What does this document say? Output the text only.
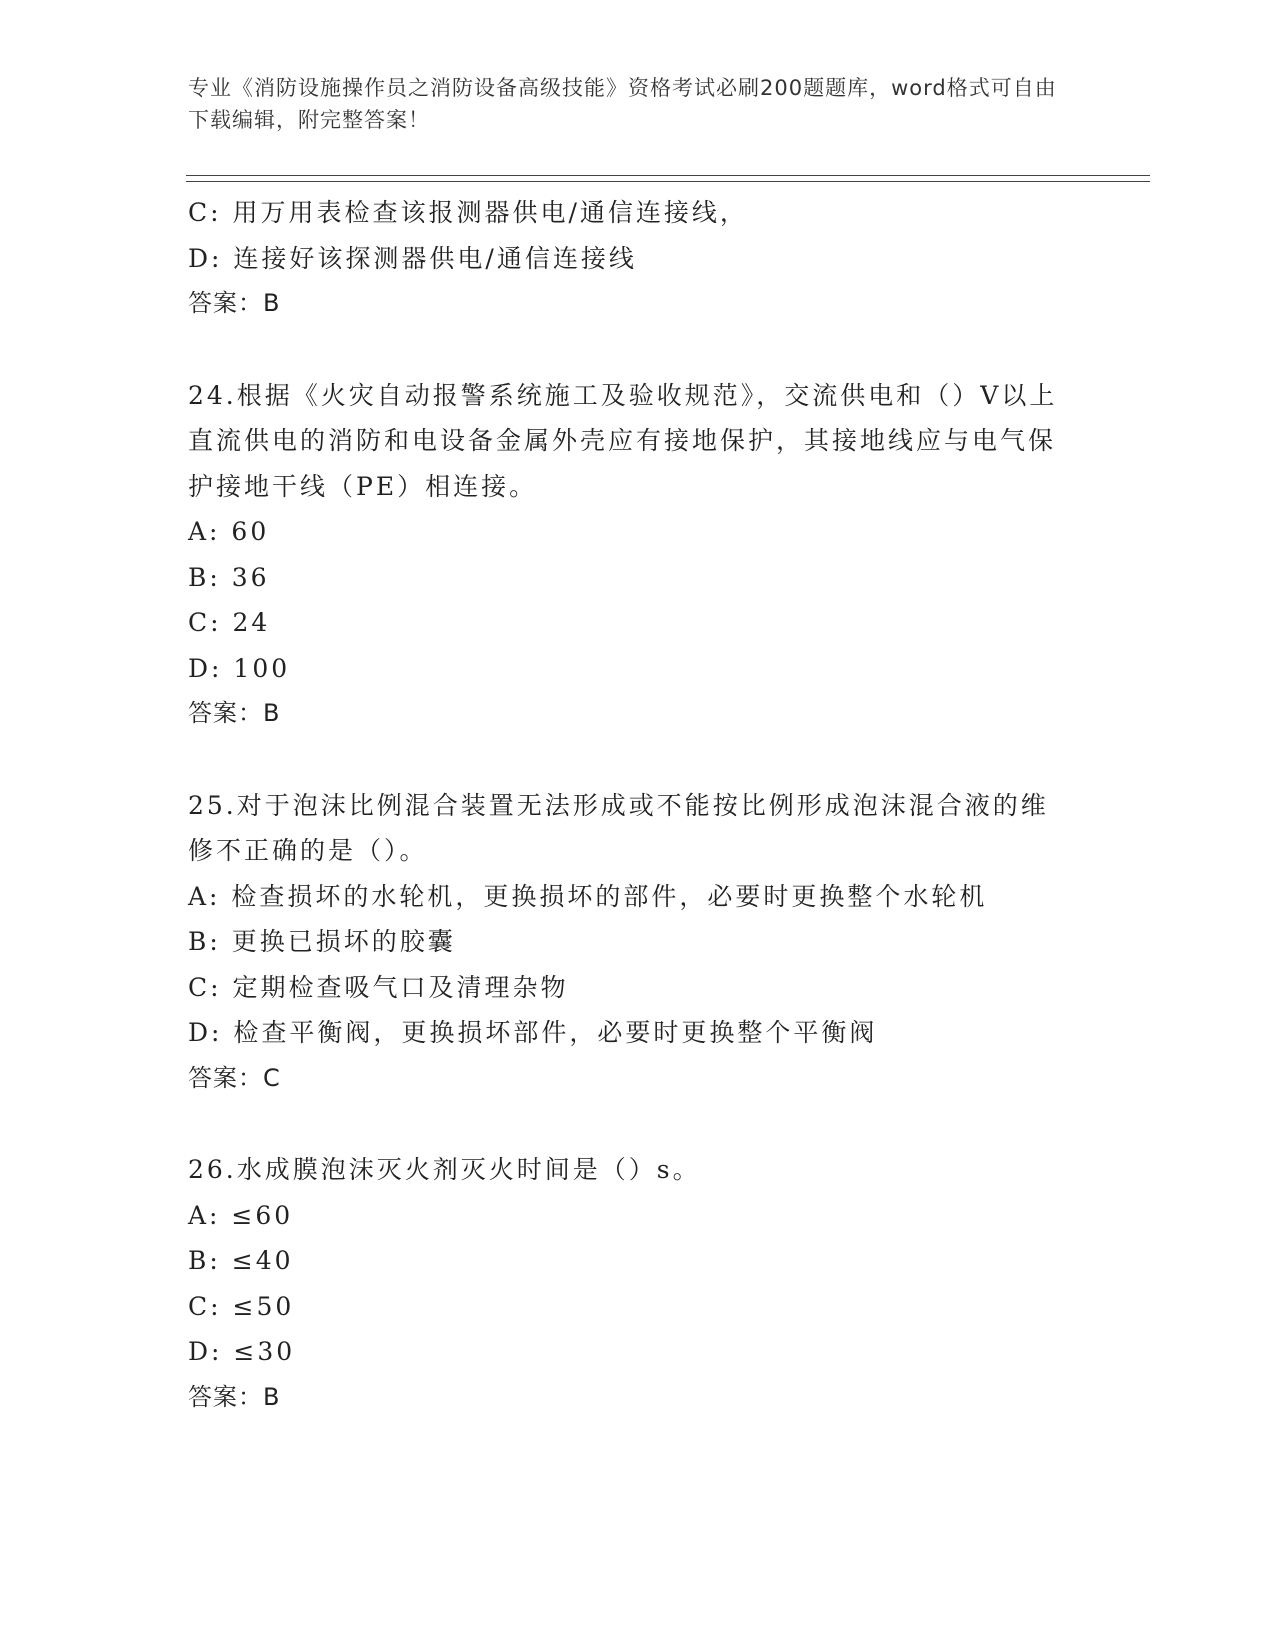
专业《消防设施操作员之消防设备高级技能》资格考试必刷200题题库，word格式可自由下载编辑，附完整答案！
C: 用万用表检查该报测器供电/通信连接线，
D: 连接好该探测器供电/通信连接线
答案：B
24.根据《火灾自动报警系统施工及验收规范》，交流供电和（）V以上直流供电的消防和电设备金属外壳应有接地保护，其接地线应与电气保护接地干线（PE）相连接。
A: 60
B: 36
C: 24
D: 100
答案：B
25.对于泡沫比例混合装置无法形成或不能按比例形成泡沫混合液的维修不正确的是（）。
A: 检查损坏的水轮机，更换损坏的部件，必要时更换整个水轮机
B: 更换已损坏的胶囊
C: 定期检查吸气口及清理杂物
D: 检查平衡阀，更换损坏部件，必要时更换整个平衡阀
答案：C
26.水成膜泡沫灭火剂灭火时间是（）s。
A: ≤60
B: ≤40
C: ≤50
D: ≤30
答案：B
